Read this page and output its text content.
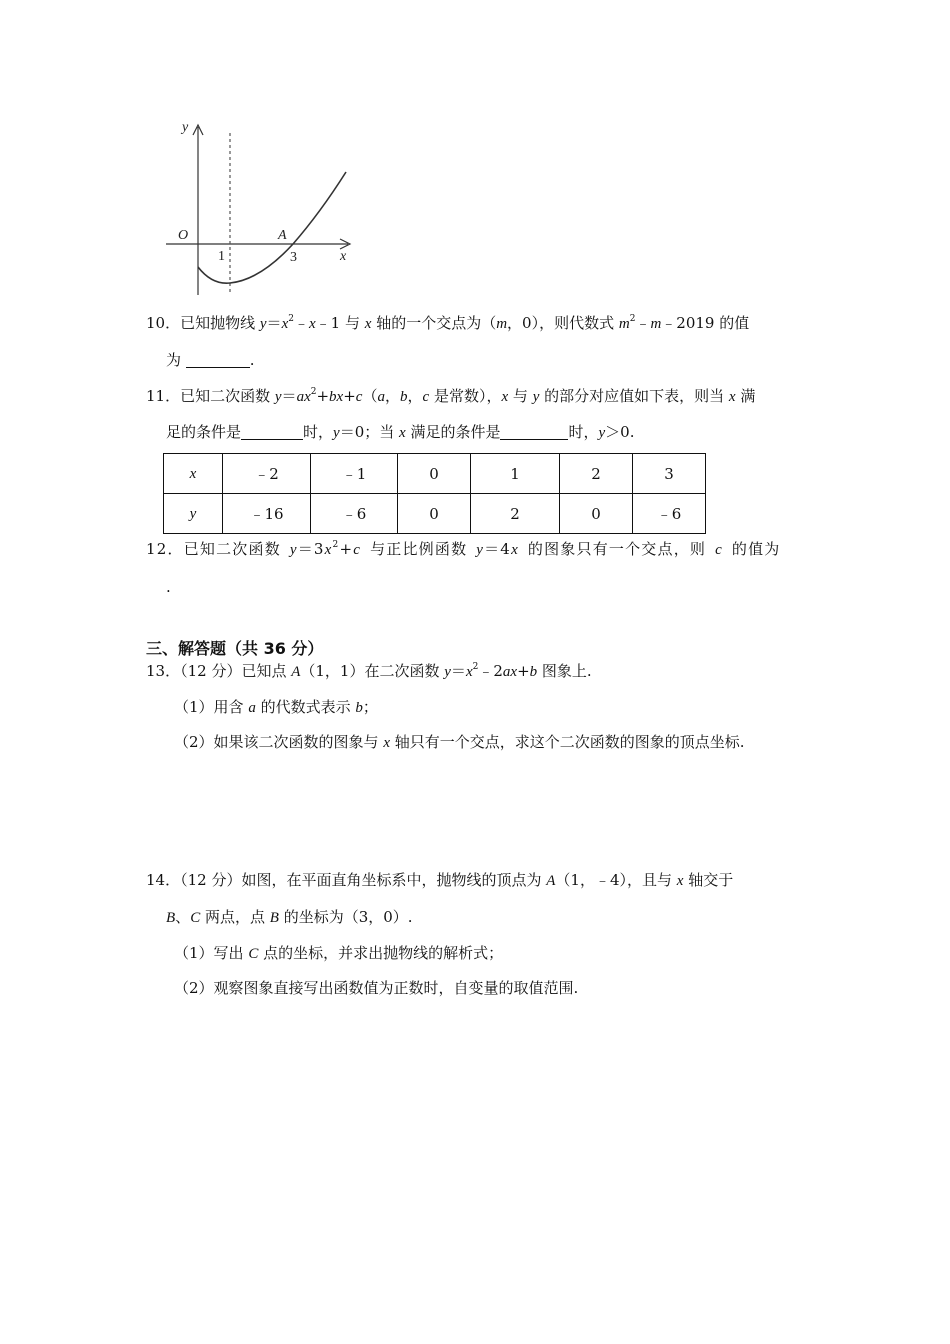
y
x
O	A
1	3
10．已知抛物线 $y=x^2﹣x﹣1$ 与 x 轴的一个交点为（m，0），则代数式 $m^2﹣m﹣2019$ 的值
为	.
11．已知二次函数 $y=ax^2+bx+c(a$，b，c 是常数），x 与 y 的部分对应值如下表，则当 x 满
足的条件是	时，y＝0；当 x 满足的条件是	时，y＞0.
x	﹣2	﹣1	0	1	2	3
y	﹣16	﹣6	0	2	0	﹣6
12．已知二次函数 $y=3x^2+c$ 与正比例函数 y＝4x 的图象只有一个交点，则 c 的值为
.
三、解答题（共 36 分）
13．（12 分）已知点 A（1，1）在二次函数 $y=x^2﹣2ax+b$ 图象上.
（1）用含 a 的代数式表示 b；
（2）如果该二次函数的图象与 x 轴只有一个交点，求这个二次函数的图象的顶点坐标.
14．（12 分）如图，在平面直角坐标系中，抛物线的顶点为 A（1，﹣4），且与 x 轴交于
B、C 两点，点 B 的坐标为（3，0）.
（1）写出 C 点的坐标，并求出抛物线的解析式；
（2）观察图象直接写出函数值为正数时，自变量的取值范围.
